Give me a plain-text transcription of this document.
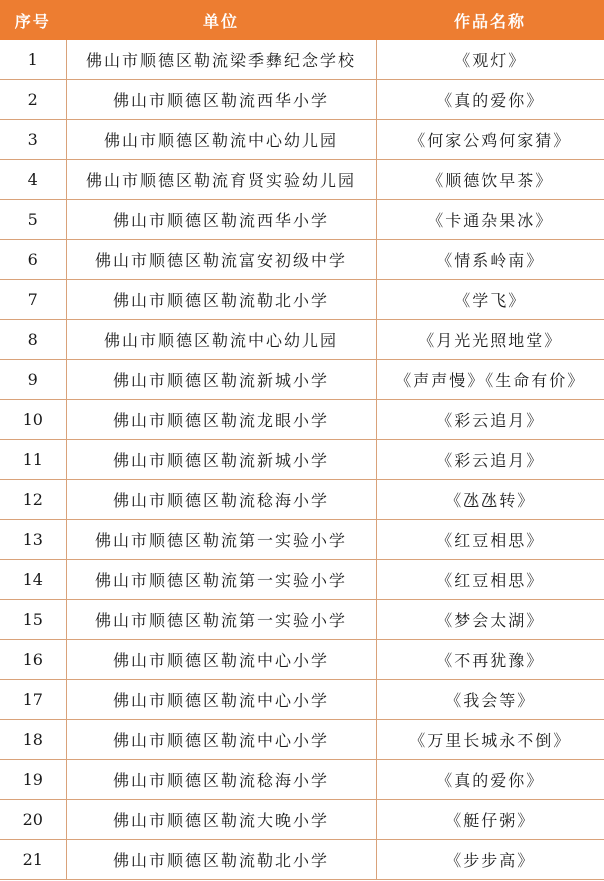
序号	单位	作品名称
1	佛山市顺德区勒流梁季彝纪念学校	《观灯》
2	佛山市顺德区勒流西华小学	《真的爱你》
3	佛山市顺德区勒流中心幼儿园	《何家公鸡何家猜》
4	佛山市顺德区勒流育贤实验幼儿园	《顺德饮早茶》
5	佛山市顺德区勒流西华小学	《卡通杂果冰》
6	佛山市顺德区勒流富安初级中学	《情系岭南》
7	佛山市顺德区勒流勒北小学	《学飞》
8	佛山市顺德区勒流中心幼儿园	《月光光照地堂》
9	佛山市顺德区勒流新城小学	《声声慢》《生命有价》
10	佛山市顺德区勒流龙眼小学	《彩云追月》
11	佛山市顺德区勒流新城小学	《彩云追月》
12	佛山市顺德区勒流稔海小学	《氹氹转》
13	佛山市顺德区勒流第一实验小学	《红豆相思》
14	佛山市顺德区勒流第一实验小学	《红豆相思》
15	佛山市顺德区勒流第一实验小学	《梦会太湖》
16	佛山市顺德区勒流中心小学	《不再犹豫》
17	佛山市顺德区勒流中心小学	《我会等》
18	佛山市顺德区勒流中心小学	《万里长城永不倒》
19	佛山市顺德区勒流稔海小学	《真的爱你》
20	佛山市顺德区勒流大晚小学	《艇仔粥》
21	佛山市顺德区勒流勒北小学	《步步高》
